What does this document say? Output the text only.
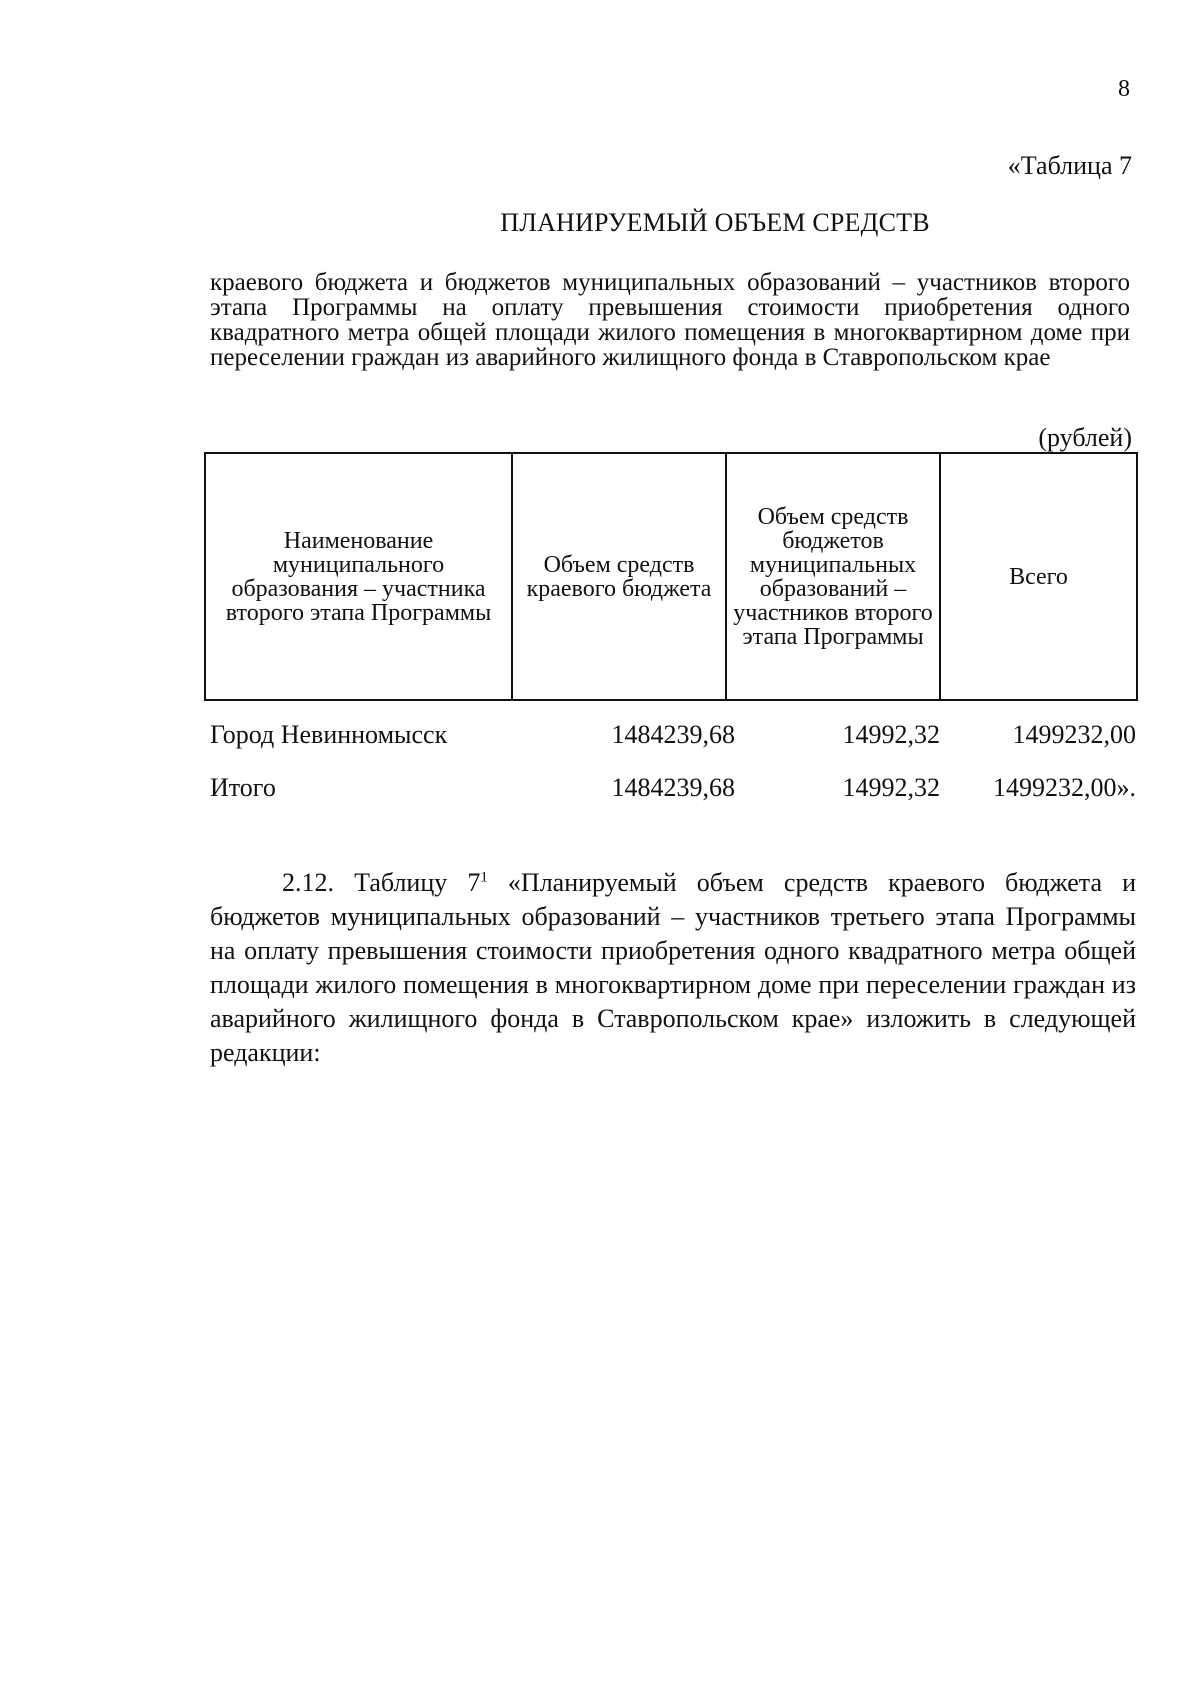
8
«Таблица 7
ПЛАНИРУЕМЫЙ ОБЪЕМ СРЕДСТВ
краевого бюджета и бюджетов муниципальных образований – участников второго этапа Программы на оплату превышения стоимости приобретения одного квадратного метра общей площади жилого помещения в многоквартирном доме при переселении граждан из аварийного жилищного фонда в Ставропольском крае
(рублей)
Наименование муниципального образования – участника второго этапа Программы	Объем средств краевого бюджета	Объем средств бюджетов муниципальных образований – участников второго этапа Программы	Всего
Город Невинномысск	1484239,68	14992,32	1499232,00
Итого	1484239,68	14992,32 1499232,00».

2.12. Таблицу $7^1$ «Планируемый объем средств краевого бюджета и бюджетов муниципальных образований – участников третьего этапа Программы на оплату превышения стоимости приобретения одного квадратного метра общей площади жилого помещения в многоквартирном доме при переселении граждан из аварийного жилищного фонда в Ставропольском крае» изложить в следующей редакции:
